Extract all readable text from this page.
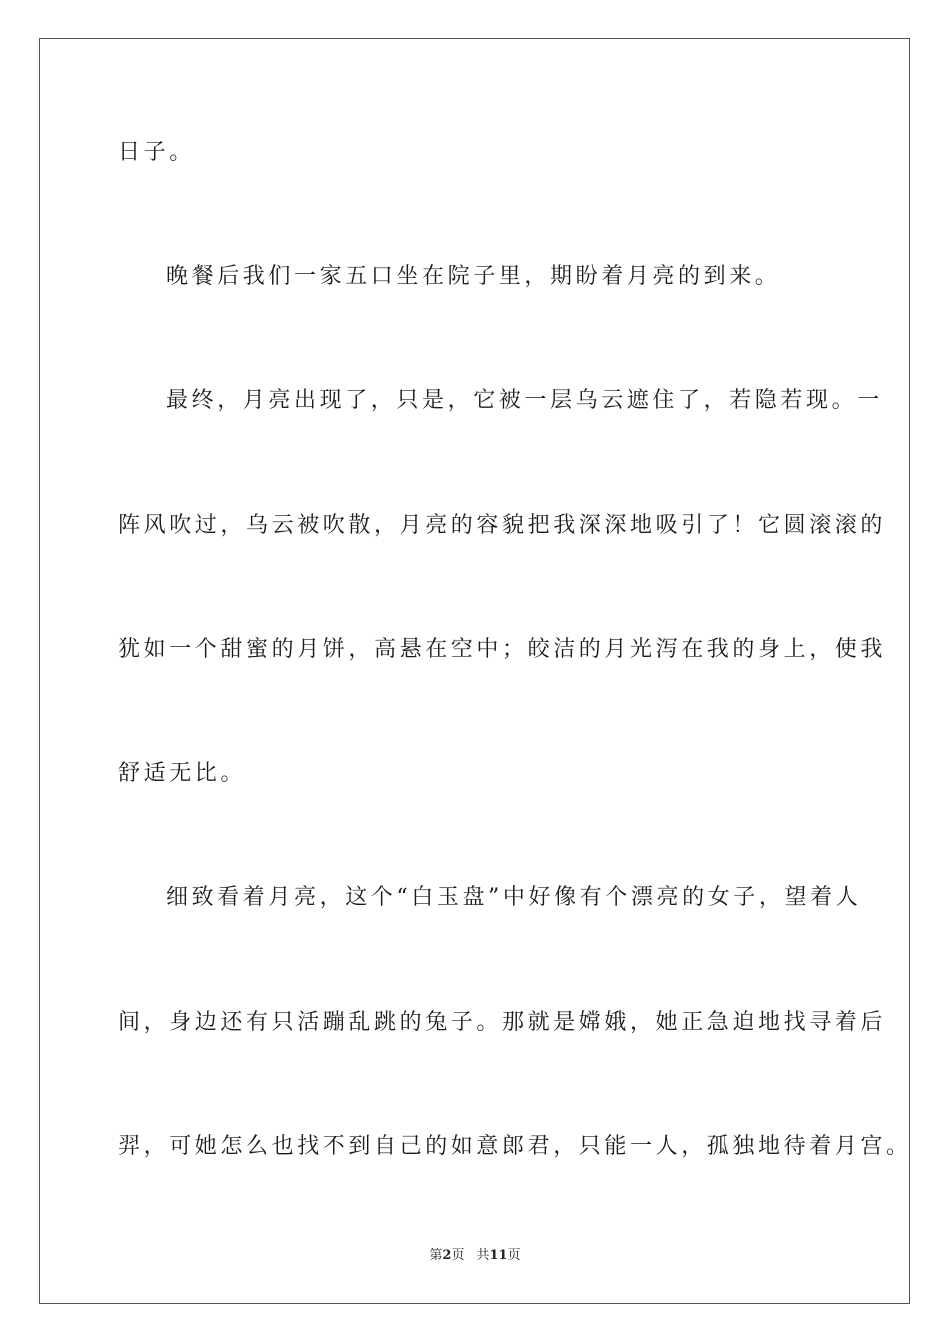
日子。
晚餐后我们一家五口坐在院子里，期盼着月亮的到来。
最终，月亮出现了，只是，它被一层乌云遮住了，若隐若现。一
阵风吹过，乌云被吹散，月亮的容貌把我深深地吸引了！它圆滚滚的
犹如一个甜蜜的月饼，高悬在空中；皎洁的月光泻在我的身上，使我
舒适无比。
细致看着月亮，这个“白玉盘”中好像有个漂亮的女子，望着人
间，身边还有只活蹦乱跳的兔子。那就是嫦娥，她正急迫地找寻着后
羿，可她怎么也找不到自己的如意郎君，只能一人，孤独地待着月宫。
第2页 共11页
